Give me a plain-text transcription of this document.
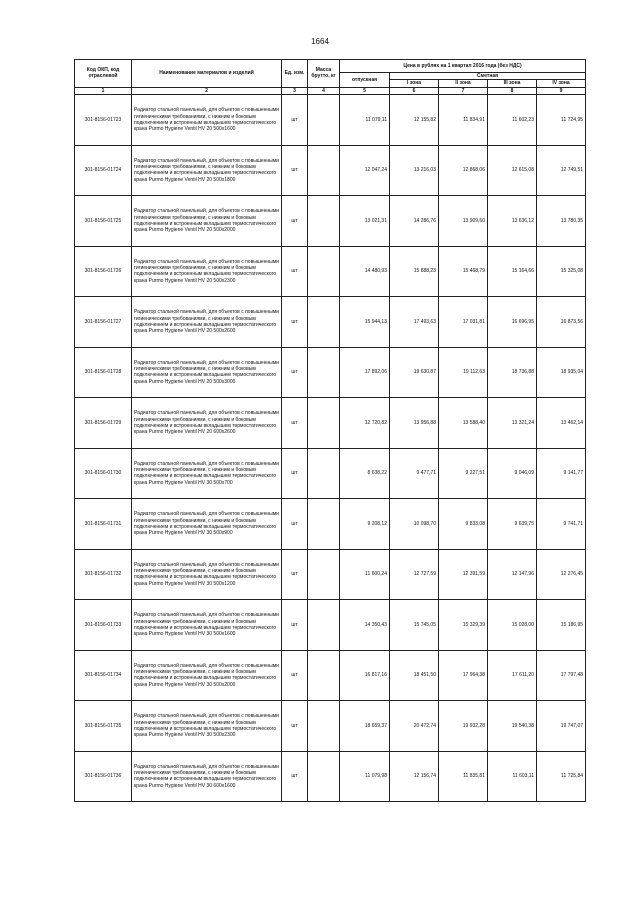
1664
Код ОКП, код отраслевой	Наименование материалов и изделий	Ед. изм.	Масса брутто, кг	Цена в рублях на 1 квартал 2016 года (без НДС)				
				отпускная	Сметная			
					I зона	II зона	III зона	IV зона
1	2	3	4	5	6	7	8	9
301-8156-01723	Радиатор стальной панельный, для объектов с повышенными гигиеническими требованиями, с нижним и боковым подключением и встроенным вкладышем термостатического крана Purmo Hygiene Ventil HV 20 500x1600	шт		11 079,11	12 155,82	11 834,91	11 602,23	11 724,95
301-8156-01724	Радиатор стальной панельный, для объектов с повышенными гигиеническими требованиями, с нижним и боковым подключением и встроенным вкладышем термостатического крана Purmo Hygiene Ventil HV 20 500x1800	шт		12 047,24	13 216,03	12 868,06	12 615,08	12 749,51
301-8156-01725	Радиатор стальной панельный, для объектов с повышенными гигиеническими требованиями, с нижним и боковым подключением и встроенным вкладышем термостатического крана Purmo Hygiene Ventil HV 20 500x2000	шт		13 021,31	14 286,76	13 909,60	13 636,12	13 780,35
301-8156-01726	Радиатор стальной панельный, для объектов с повышенными гигиеническими требованиями, с нижним и боковым подключением и встроенным вкладышем термостатического крана Purmo Hygiene Ventil HV 20 500x2300	шт		14 480,93	15 888,23	15 468,79	15 164,66	15 325,08
301-8156-01727	Радиатор стальной панельный, для объектов с повышенными гигиеническими требованиями, с нижним и боковым подключением и встроенным вкладышем термостатического крана Purmo Hygiene Ventil HV 20 500x2600	шт		15 944,13	17 493,63	17 031,81	16 696,95	16 873,56
301-8156-01728	Радиатор стальной панельный, для объектов с повышенными гигиеническими требованиями, с нижним и боковым подключением и встроенным вкладышем термостатического крана Purmo Hygiene Ventil HV 20 500x3000	шт		17 892,06	19 630,87	19 112,63	18 736,88	18 935,04
301-8156-01729	Радиатор стальной панельный, для объектов с повышенными гигиеническими требованиями, с нижним и боковым подключением и встроенным вкладышем термостатического крана Purmo Hygiene Ventil HV 20 600x2600	шт		12 720,82	13 956,88	13 588,40	13 321,24	13 462,14
301-8156-01730	Радиатор стальной панельный, для объектов с повышенными гигиеническими требованиями, с нижним и боковым подключением и встроенным вкладышем термостатического крана Purmo Hygiene Ventil HV 30 500x700	шт		8 638,22	9 477,71	9 227,51	9 046,09	9 141,77
301-8156-01731	Радиатор стальной панельный, для объектов с повышенными гигиеническими требованиями, с нижним и боковым подключением и встроенным вкладышем термостатического крана Purmo Hygiene Ventil HV 30 500x900	шт		9 208,12	10 098,70	9 833,08	9 639,75	9 741,71
301-8156-01732	Радиатор стальной панельный, для объектов с повышенными гигиеническими требованиями, с нижним и боковым подключением и встроенным вкладышем термостатического крана Purmo Hygiene Ventil HV 30 500x1200	шт		11 600,24	12 727,59	12 391,59	12 147,96	12 276,45
301-8156-01733	Радиатор стальной панельный, для объектов с повышенными гигиеническими требованиями, с нижним и боковым подключением и встроенным вкладышем термостатического крана Purmo Hygiene Ventil HV 30 500x1600	шт		14 350,43	15 745,05	15 329,39	15 028,00	15 186,95
301-8156-01734	Радиатор стальной панельный, для объектов с повышенными гигиеническими требованиями, с нижним и боковым подключением и встроенным вкладышем термостатического крана Purmo Hygiene Ventil HV 30 500x2000	шт		16 817,16	18 451,50	17 964,38	17 611,20	17 797,48
301-8156-01735	Радиатор стальной панельный, для объектов с повышенными гигиеническими требованиями, с нижним и боковым подключением и встроенным вкладышем термостатического крана Purmo Hygiene Ventil HV 30 500x2300	шт		18 659,37	20 472,74	19 932,28	19 540,38	19 747,07
301-8156-01736	Радиатор стальной панельный, для объектов с повышенными гигиеническими требованиями, с нижним и боковым подключением и встроенным вкладышем термостатического крана Purmo Hygiene Ventil HV 30 600x1600	шт		11 079,98	12 156,74	11 835,81	11 603,11	11 725,84
